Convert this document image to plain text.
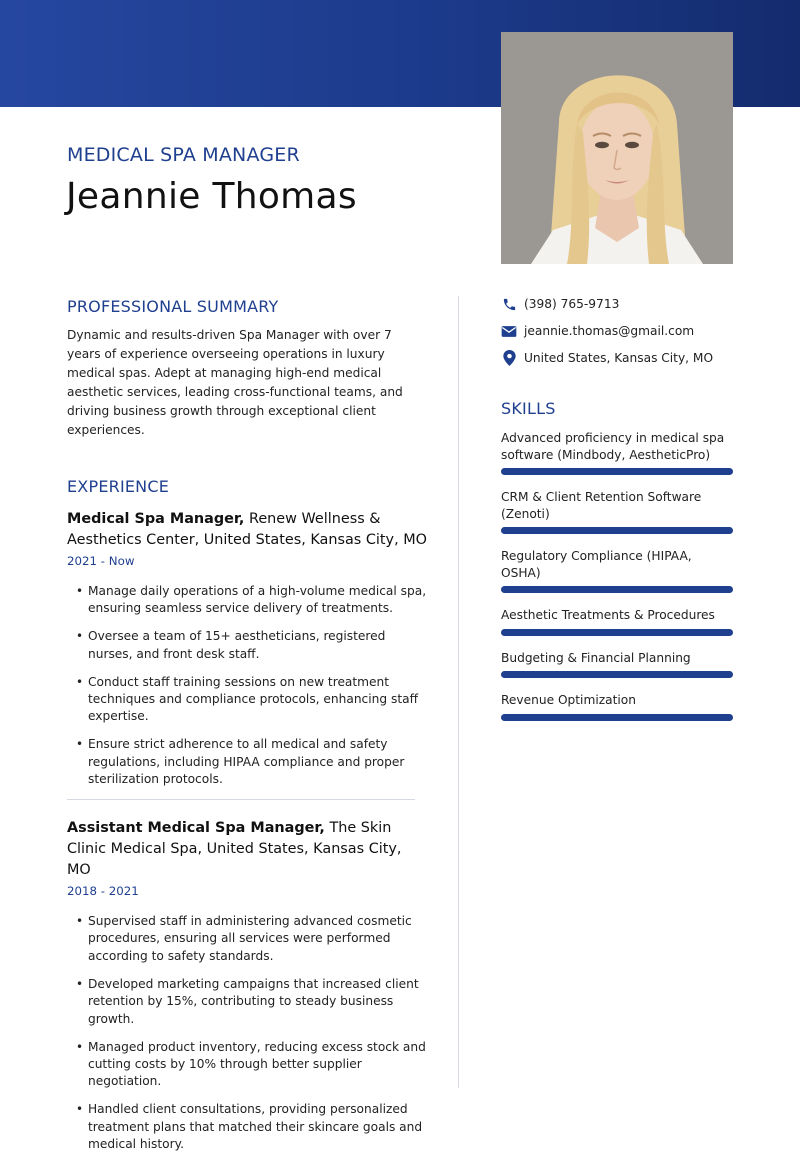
MEDICAL SPA MANAGER
Jeannie Thomas
PROFESSIONAL SUMMARY

Dynamic and results-driven Spa Manager with over 7 years of experience overseeing operations in luxury medical spas. Adept at managing high-end medical aesthetic services, leading cross-functional teams, and driving business growth through exceptional client experiences.

EXPERIENCE
Medical Spa Manager, Renew Wellness & Aesthetics Center, United States, Kansas City, MO
2021 - Now
• Manage daily operations of a high-volume medical spa, ensuring seamless service delivery of treatments.
• Oversee a team of 15+ aestheticians, registered nurses, and front desk staff.
• Conduct staff training sessions on new treatment techniques and compliance protocols, enhancing staff expertise.
• Ensure strict adherence to all medical and safety regulations, including HIPAA compliance and proper sterilization protocols.
Assistant Medical Spa Manager, The Skin Clinic Medical Spa, United States, Kansas City, MO
2018 - 2021
• Supervised staff in administering advanced cosmetic procedures, ensuring all services were performed according to safety standards.
• Developed marketing campaigns that increased client retention by 15%, contributing to steady business growth.
• Managed product inventory, reducing excess stock and cutting costs by 10% through better supplier negotiation.
• Handled client consultations, providing personalized treatment plans that matched their skincare goals and medical history.
(398) 765-9713
jeannie.thomas@gmail.com
United States, Kansas City, MO
SKILLS
Advanced proficiency in medical spa software (Mindbody, AestheticPro)
CRM & Client Retention Software (Zenoti)
Regulatory Compliance (HIPAA, OSHA)
Aesthetic Treatments & Procedures
Budgeting & Financial Planning
Revenue Optimization
